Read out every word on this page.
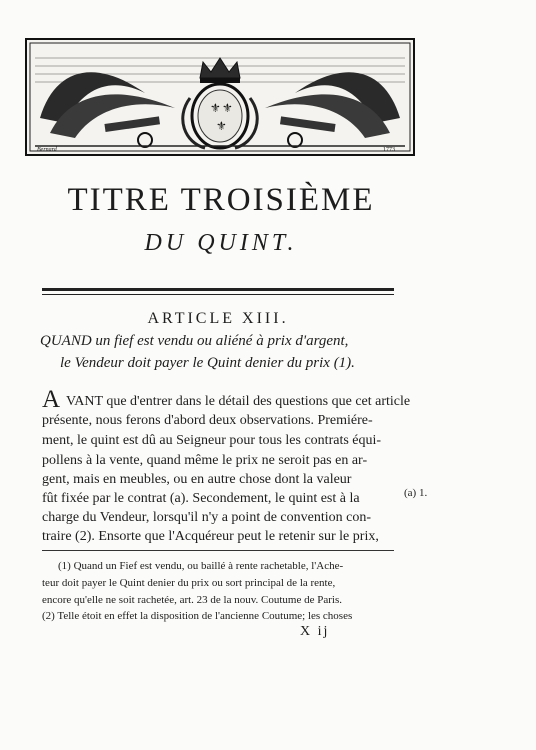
⚜ ⚜
⚜
Bernard	1773
TITRE TROISIÈME
DU QUINT.
ARTICLE XIII.
QUAND un fief est vendu ou aliéné à prix d'argent,
le Vendeur doit payer le Quint denier du prix (1).
A VANT que d'entrer dans le détail des questions que cet article
présente, nous ferons d'abord deux observations. Premiére-
ment, le quint est dû au Seigneur pour tous les contrats équi-
pollens à la vente, quand même le prix ne seroit pas en ar-
gent, mais en meubles, ou en autre chose dont la valeur
fût fixée par le contrat (a). Secondement, le quint est à la
charge du Vendeur, lorsqu'il n'y a point de convention con-
traire (2). Ensorte que l'Acquéreur peut le retenir sur le prix,
(a) 1.
(1) Quand un Fief est vendu, ou baillé à rente rachetable, l'Ache-
teur doit payer le Quint denier du prix ou sort principal de la rente,
encore qu'elle ne soit rachetée, art. 23 de la nouv. Coutume de Paris.
(2) Telle étoit en effet la disposition de l'ancienne Coutume; les choses
X ij
